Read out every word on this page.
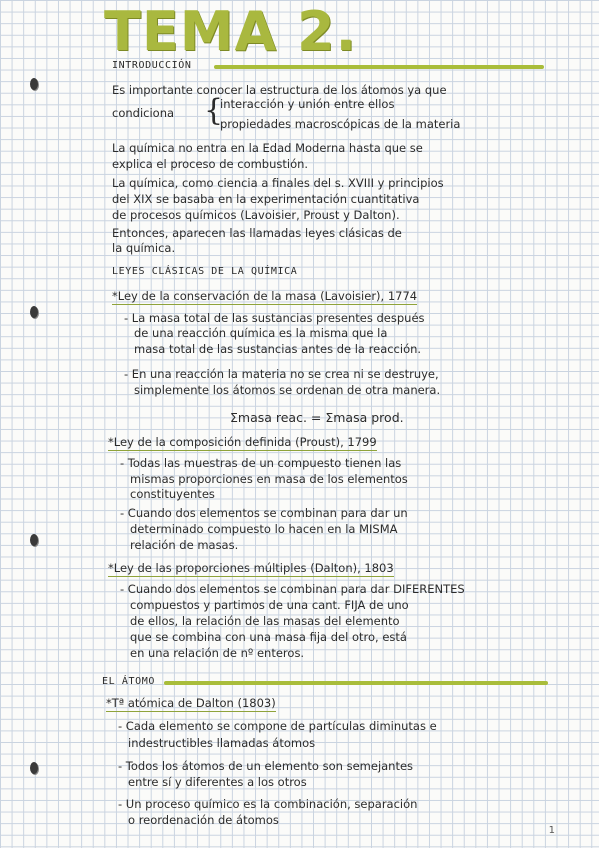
TEMA 2.
INTRODUCCIÓN
Es importante conocer la estructura de los átomos ya que
condiciona {
interacción y unión entre ellos
propiedades macroscópicas de la materia
La química no entra en la Edad Moderna hasta que se
explica el proceso de combustión.
La química, como ciencia a finales del s. XVIII y principios
del XIX se basaba en la experimentación cuantitativa
de procesos químicos (Lavoisier, Proust y Dalton).
Entonces, aparecen las llamadas leyes clásicas de
la química.
LEYES CLÁSICAS DE LA QUÍMICA
*Ley de la conservación de la masa (Lavoisier), 1774
- La masa total de las sustancias presentes después
de una reacción química es la misma que la
masa total de las sustancias antes de la reacción.
- En una reacción la materia no se crea ni se destruye,
simplemente los átomos se ordenan de otra manera.
Σmasa reac. = Σmasa prod.
*Ley de la composición definida (Proust), 1799
- Todas las muestras de un compuesto tienen las
mismas proporciones en masa de los elementos
constituyentes
- Cuando dos elementos se combinan para dar un
determinado compuesto lo hacen en la MISMA
relación de masas.
*Ley de las proporciones múltiples (Dalton), 1803
- Cuando dos elementos se combinan para dar DIFERENTES
compuestos y partimos de una cant. FIJA de uno
de ellos, la relación de las masas del elemento
que se combina con una masa fija del otro, está
en una relación de nº enteros.
EL ÁTOMO
*Tª atómica de Dalton (1803)
- Cada elemento se compone de partículas diminutas e
indestructibles llamadas átomos
- Todos los átomos de un elemento son semejantes
entre sí y diferentes a los otros
- Un proceso químico es la combinación, separación
o reordenación de átomos
1
